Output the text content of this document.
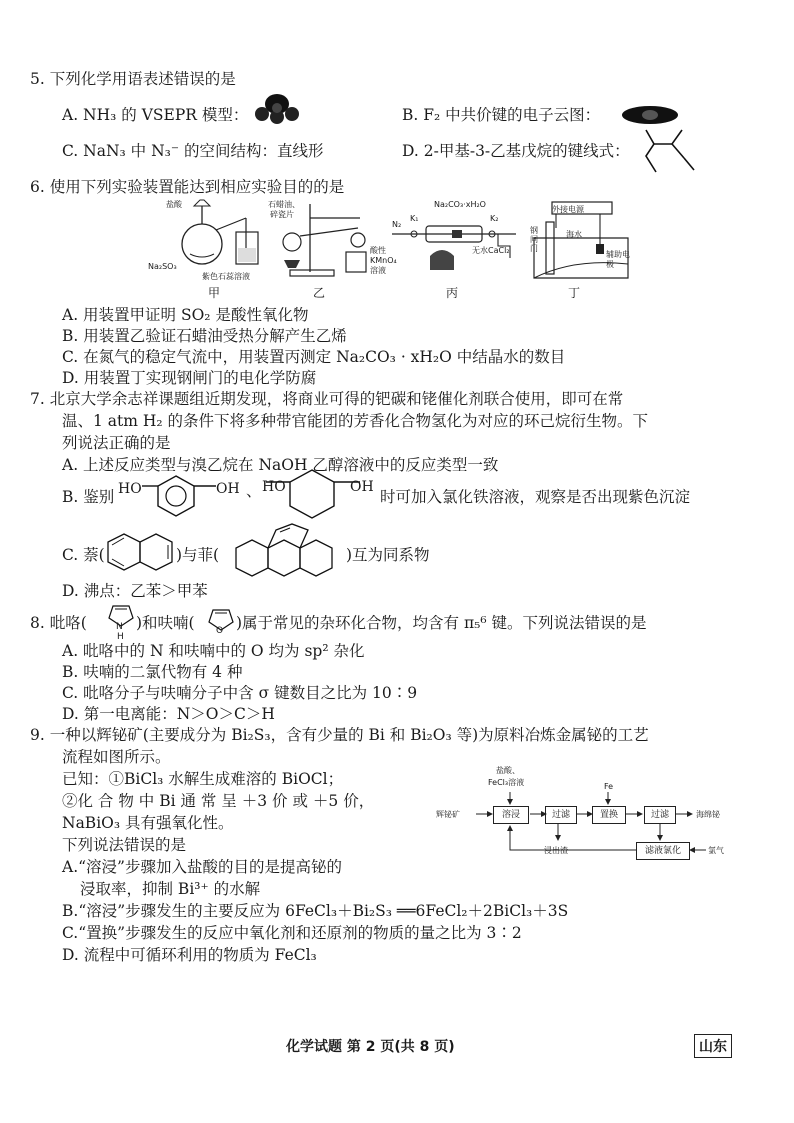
5. 下列化学用语表述错误的是
A. NH₃ 的 VSEPR 模型：	B. F₂ 中共价键的电子云图：
C. NaN₃ 中 N₃⁻ 的空间结构：直线形	D. 2-甲基-3-乙基戊烷的键线式：
6. 使用下列实验装置能达到相应实验目的的是
盐酸
Na₂SO₃
紫色石蕊溶液
甲
石蜡油、
碎瓷片
酸性
KMnO₄
溶液
乙
Na₂CO₃·xH₂O
N₂
K₁	K₂
无水CaCl₂
丙
外接电源
钢闸门
海水
辅助电极
丁
A. 用装置甲证明 SO₂ 是酸性氧化物
B. 用装置乙验证石蜡油受热分解产生乙烯
C. 在氮气的稳定气流中，用装置丙测定 Na₂CO₃ · xH₂O 中结晶水的数目
D. 用装置丁实现钢闸门的电化学防腐
7. 北京大学余志祥课题组近期发现，将商业可得的钯碳和铑催化剂联合使用，即可在常
温、1 atm H₂ 的条件下将多种带官能团的芳香化合物氢化为对应的环己烷衍生物。下
列说法正确的是
A. 上述反应类型与溴乙烷在 NaOH 乙醇溶液中的反应类型一致
B. 鉴别 HO	OH 、 HO	OH
时可加入氯化铁溶液，观察是否出现紫色沉淀
C. 萘(	)与菲(	)互为同系物
D. 沸点：乙苯＞甲苯
8. 吡咯(	N
H
)和呋喃( O )属于常见的杂环化合物，均含有 π₅⁶ 键。下列说法错误的是
A. 吡咯中的 N 和呋喃中的 O 均为 sp² 杂化
B. 呋喃的二氯代物有 4 种
C. 吡咯分子与呋喃分子中含 σ 键数目之比为 10∶9
D. 第一电离能：N＞O＞C＞H
9. 一种以辉铋矿(主要成分为 Bi₂S₃，含有少量的 Bi 和 Bi₂O₃ 等)为原料冶炼金属铋的工艺
流程如图所示。
已知：①BiCl₃ 水解生成难溶的 BiOCl；
②化 合 物 中 Bi 通 常 呈 ＋3 价 或 ＋5 价，
NaBiO₃ 具有强氧化性。
下列说法错误的是
A.“溶浸”步骤加入盐酸的目的是提高铋的
浸取率，抑制 Bi³⁺ 的水解
B.“溶浸”步骤发生的主要反应为 6FeCl₃＋Bi₂S₃ ══6FeCl₂＋2BiCl₃＋3S
C.“置换”步骤发生的反应中氧化剂和还原剂的物质的量之比为 3∶2
D. 流程中可循环利用的物质为 FeCl₃
辉铋矿
盐酸、
FeCl₃溶液
溶浸	过滤
浸出渣
Fe
置换	过滤	海绵铋
滤液氯化	氯气
化学试题 第 2 页(共 8 页)	山东
